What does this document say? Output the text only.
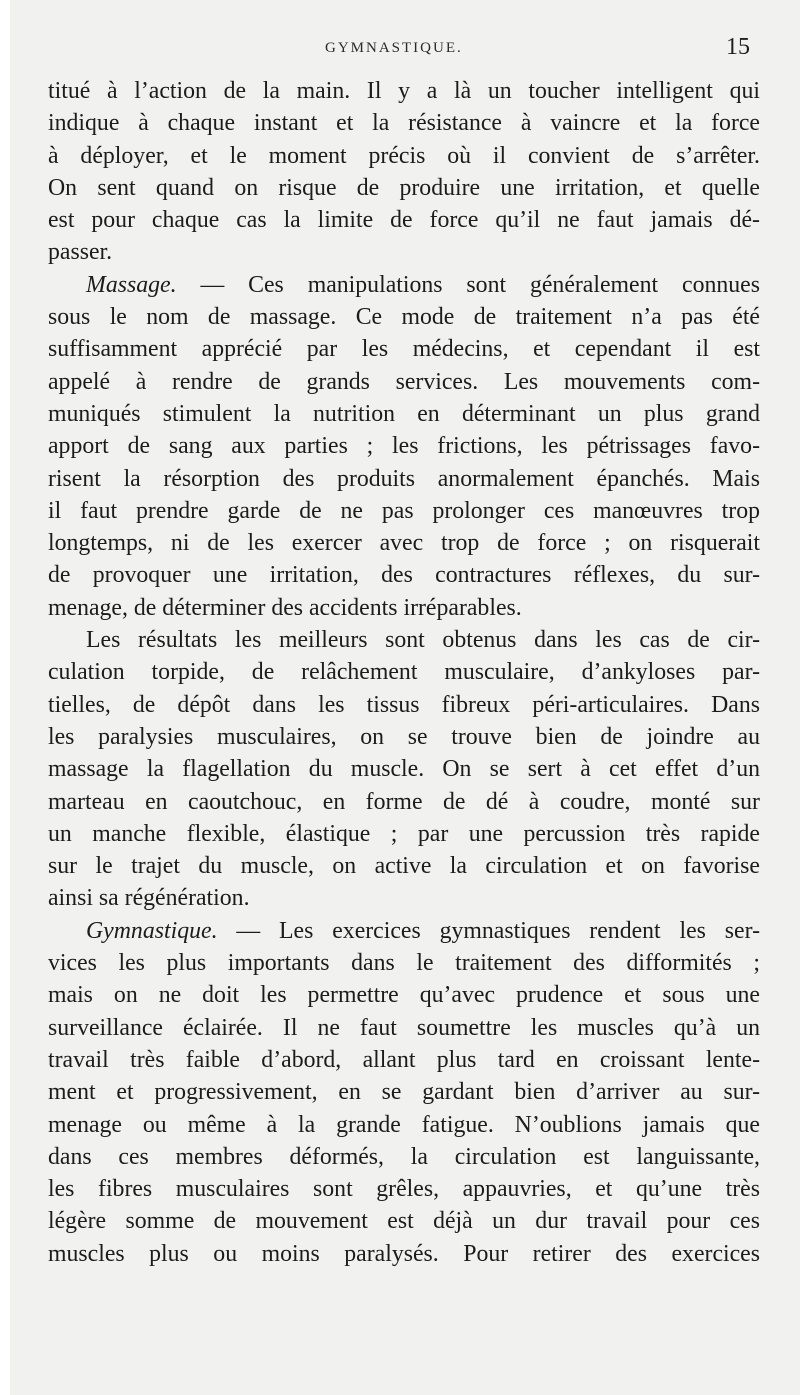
GYMNASTIQUE.	15
titué à l’action de la main. Il y a là un toucher intelligent qui
indique à chaque instant et la résistance à vaincre et la force
à déployer, et le moment précis où il convient de s’arrêter.
On sent quand on risque de produire une irritation, et quelle
est pour chaque cas la limite de force qu’il ne faut jamais dé-
passer.
Massage. — Ces manipulations sont généralement connues
sous le nom de massage. Ce mode de traitement n’a pas été
suffisamment apprécié par les médecins, et cependant il est
appelé à rendre de grands services. Les mouvements com-
muniqués stimulent la nutrition en déterminant un plus grand
apport de sang aux parties ; les frictions, les pétrissages favo-
risent la résorption des produits anormalement épanchés. Mais
il faut prendre garde de ne pas prolonger ces manœuvres trop
longtemps, ni de les exercer avec trop de force ; on risquerait
de provoquer une irritation, des contractures réflexes, du sur-
menage, de déterminer des accidents irréparables.
Les résultats les meilleurs sont obtenus dans les cas de cir-
culation torpide, de relâchement musculaire, d’ankyloses par-
tielles, de dépôt dans les tissus fibreux péri-articulaires. Dans
les paralysies musculaires, on se trouve bien de joindre au
massage la flagellation du muscle. On se sert à cet effet d’un
marteau en caoutchouc, en forme de dé à coudre, monté sur
un manche flexible, élastique ; par une percussion très rapide
sur le trajet du muscle, on active la circulation et on favorise
ainsi sa régénération.
Gymnastique. — Les exercices gymnastiques rendent les ser-
vices les plus importants dans le traitement des difformités ;
mais on ne doit les permettre qu’avec prudence et sous une
surveillance éclairée. Il ne faut soumettre les muscles qu’à un
travail très faible d’abord, allant plus tard en croissant lente-
ment et progressivement, en se gardant bien d’arriver au sur-
menage ou même à la grande fatigue. N’oublions jamais que
dans ces membres déformés, la circulation est languissante,
les fibres musculaires sont grêles, appauvries, et qu’une très
légère somme de mouvement est déjà un dur travail pour ces
muscles plus ou moins paralysés. Pour retirer des exercices
